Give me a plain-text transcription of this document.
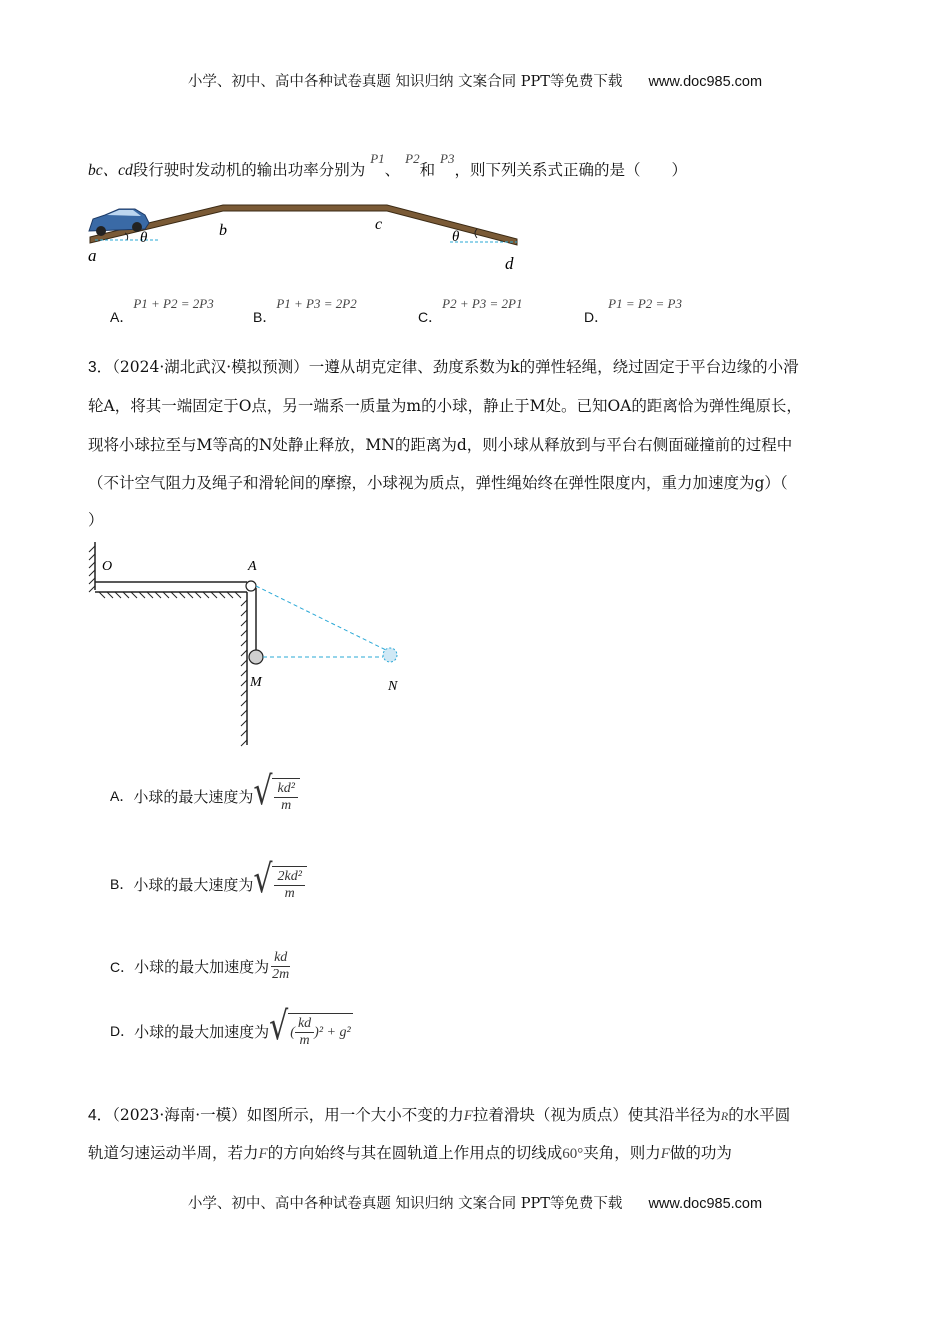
小学、初中、高中各种试卷真题 知识归纳 文案合同 PPT等免费下载 www.doc985.com
bc、cd段行驶时发动机的输出功率分别为 $^{P1}$、 $^{P2}$和 $^{P3}$，则下列关系式正确的是（　　）
a
θ	b	c
θ
d
A．P1 + P2 = 2P3
B．P1 + P3 = 2P2
C．P2 + P3 = 2P1
D．P1 = P2 = P3
3．（2024·湖北武汉·模拟预测）一遵从胡克定律、劲度系数为k的弹性轻绳，绕过固定于平台边缘的小滑
轮A，将其一端固定于O点，另一端系一质量为m的小球，静止于M处。已知OA的距离恰为弹性绳原长，
现将小球拉至与M等高的N处静止释放，MN的距离为d，则小球从释放到与平台右侧面碰撞前的过程中
（不计空气阻力及绳子和滑轮间的摩擦，小球视为质点，弹性绳始终在弹性限度内，重力加速度为g）（
）
O	A
M	N
A． 小球的最大速度为 √ $\frac{\text{kd²}}{m}$
B． 小球的最大速度为 √ $\frac{\text{2kd²}}{m}$
C． 小球的最大加速度为 $\frac{kd}{2m}$
D． 小球的最大加速度为 √ ( $\frac{kd}{m}$ ) ² + g²
4．（2023·海南·一模）如图所示，用一个大小不变的力F拉着滑块（视为质点）使其沿半径为R的水平圆
轨道匀速运动半周，若力F的方向始终与其在圆轨道上作用点的切线成60°夹角，则力F做的功为
小学、初中、高中各种试卷真题 知识归纳 文案合同 PPT等免费下载 www.doc985.com
